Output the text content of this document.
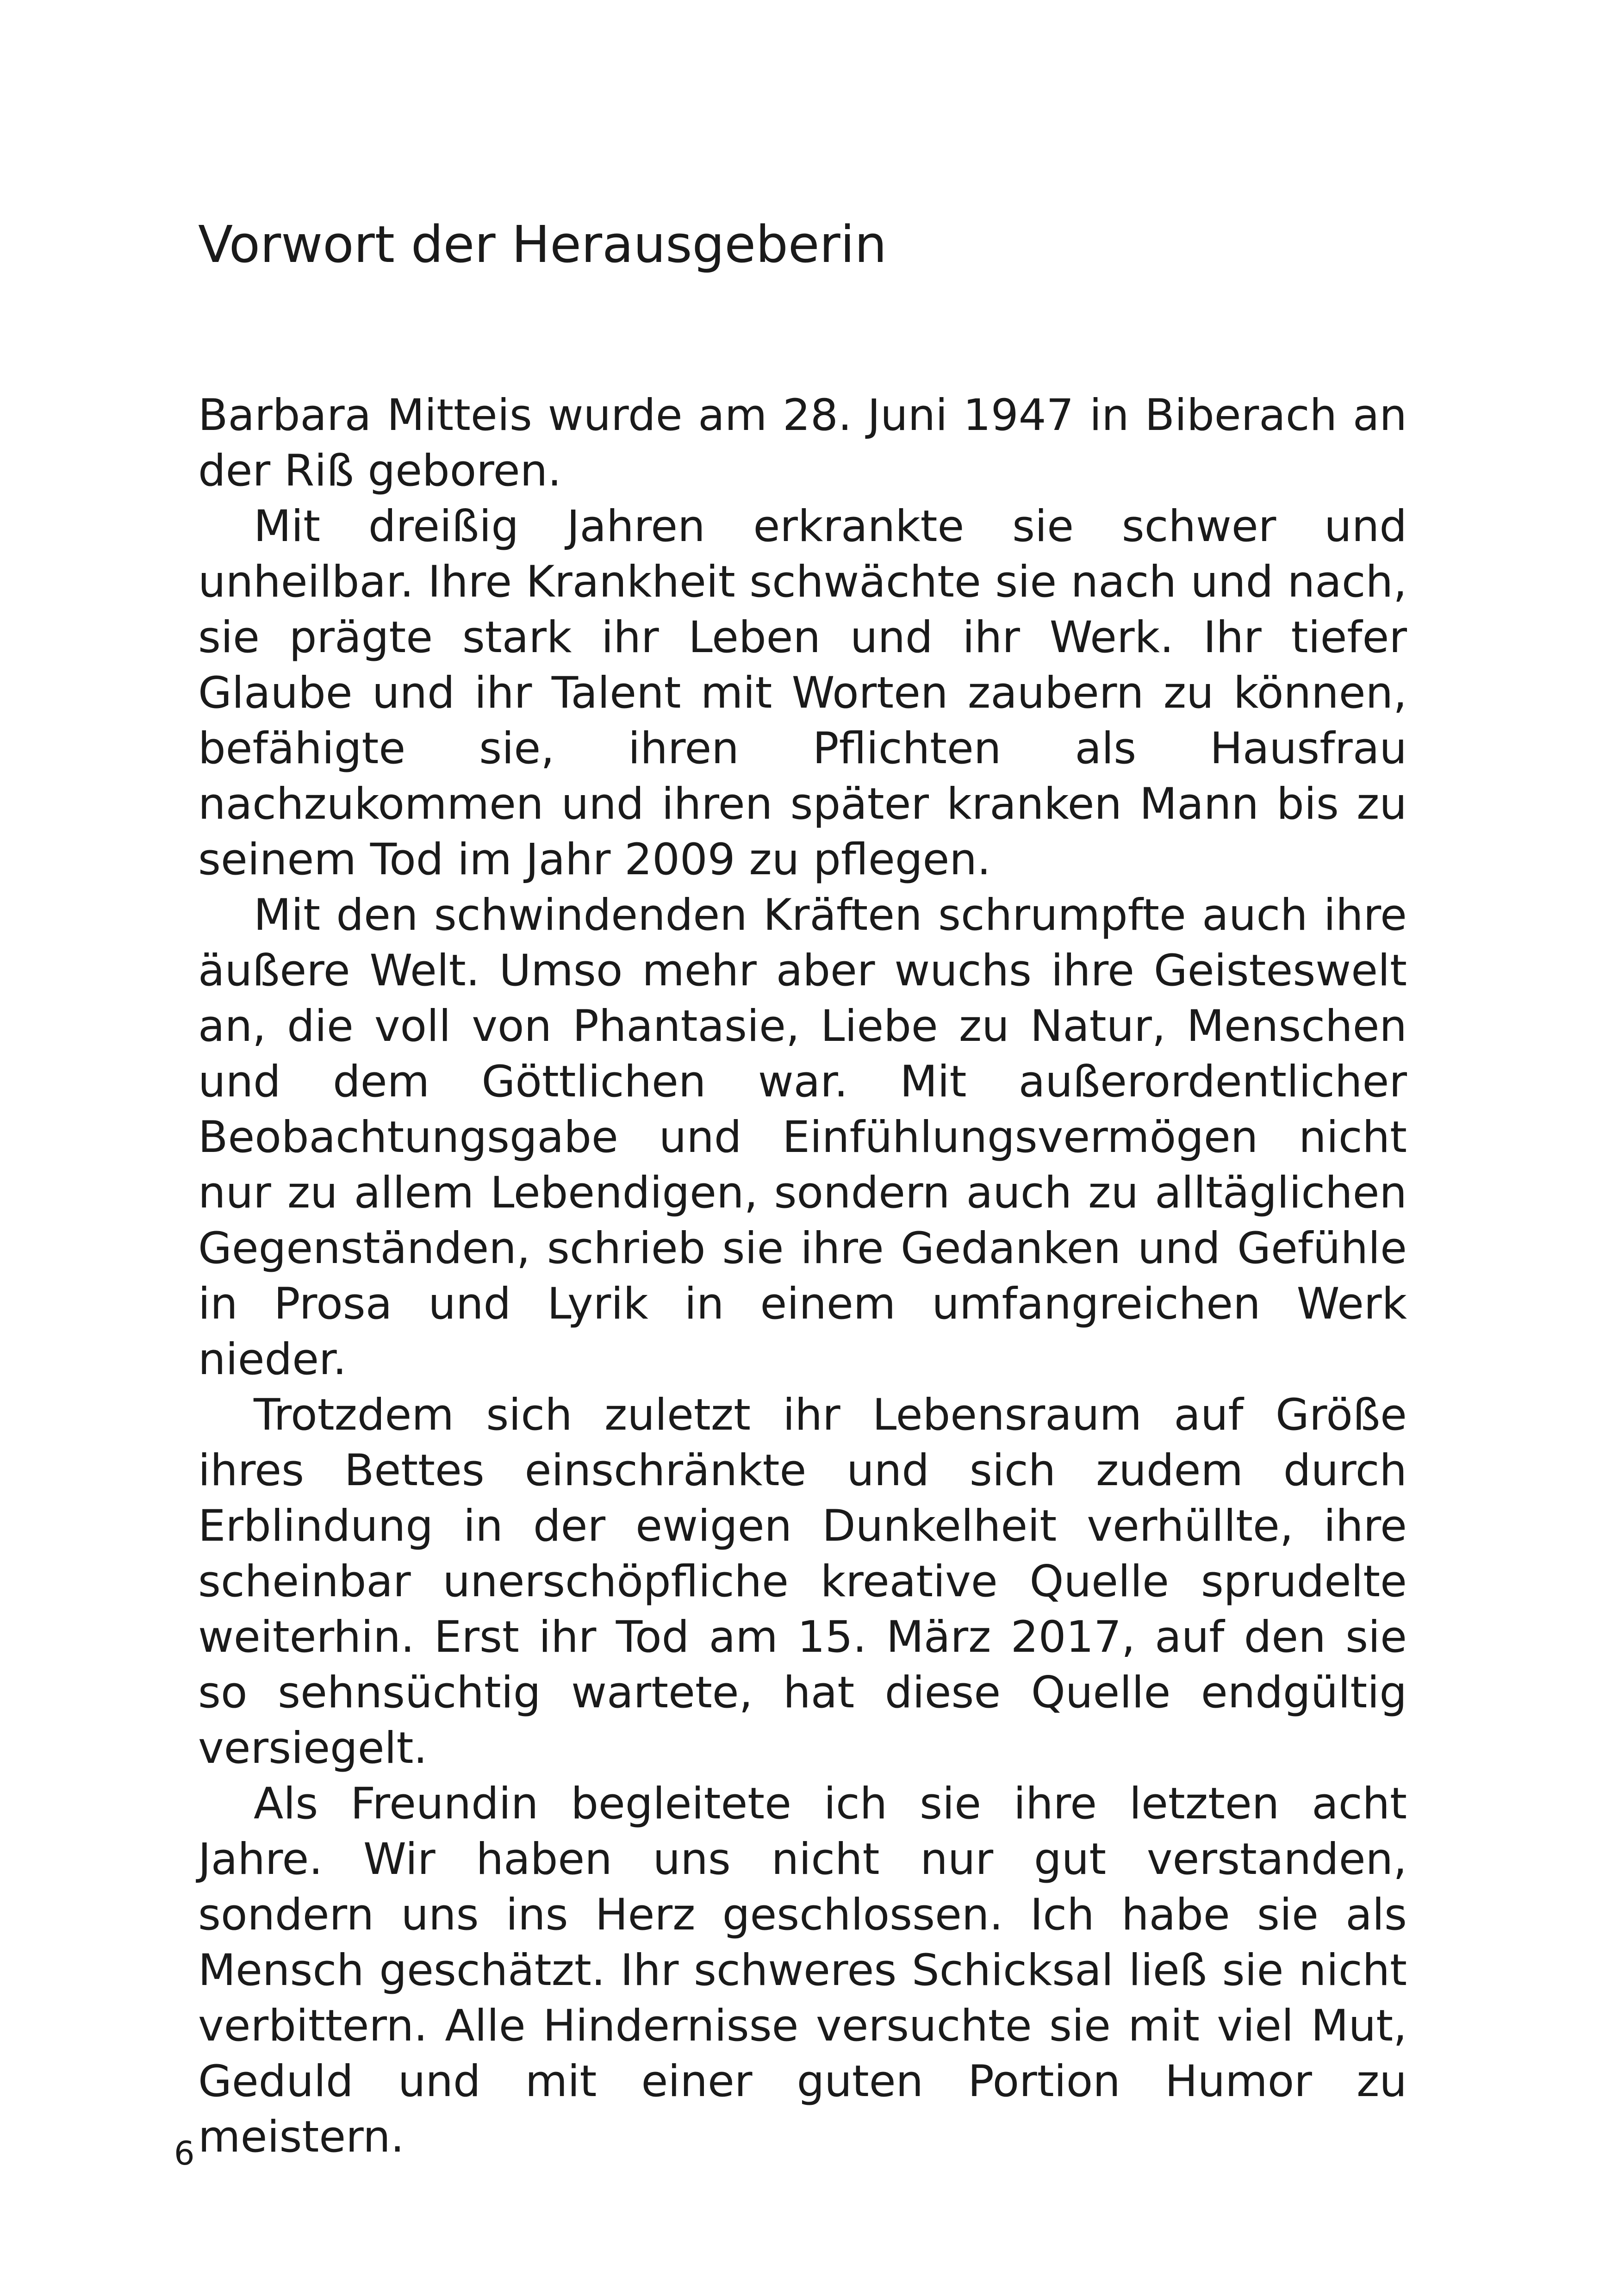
Vorwort der Herausgeberin

Barbara Mitteis wurde am 28. Juni 1947 in Biberach an der Riß geboren.

Mit dreißig Jahren erkrankte sie schwer und unheilbar. Ihre Krankheit schwächte sie nach und nach, sie prägte stark ihr Leben und ihr Werk. Ihr tiefer Glaube und ihr Talent mit Worten zaubern zu können, befähigte sie, ihren Pflichten als Hausfrau nachzukommen und ihren später kranken Mann bis zu seinem Tod im Jahr 2009 zu pflegen.

Mit den schwindenden Kräften schrumpfte auch ihre äußere Welt. Umso mehr aber wuchs ihre Geisteswelt an, die voll von Phantasie, Liebe zu Natur, Menschen und dem Göttlichen war. Mit außerordentlicher Beobachtungsgabe und Einfühlungsvermögen nicht nur zu allem Lebendigen, sondern auch zu alltäglichen Gegenständen, schrieb sie ihre Gedanken und Gefühle in Prosa und Lyrik in einem umfangreichen Werk nieder.

Trotzdem sich zuletzt ihr Lebensraum auf Größe ihres Bettes einschränkte und sich zudem durch Erblindung in der ewigen Dunkelheit verhüllte, ihre scheinbar unerschöpfliche kreative Quelle sprudelte weiterhin. Erst ihr Tod am 15. März 2017, auf den sie so sehnsüchtig wartete, hat diese Quelle endgültig versiegelt.

Als Freundin begleitete ich sie ihre letzten acht Jahre. Wir haben uns nicht nur gut verstanden, sondern uns ins Herz geschlossen. Ich habe sie als Mensch geschätzt. Ihr schweres Schicksal ließ sie nicht verbittern. Alle Hindernisse versuchte sie mit viel Mut, Geduld und mit einer guten Portion Humor zu meistern.

6
